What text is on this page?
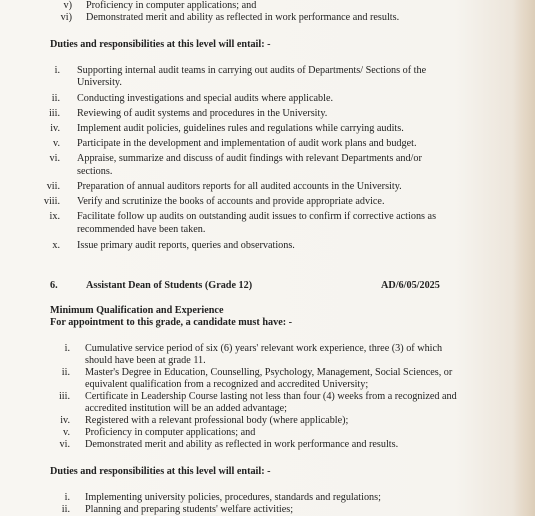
v) Proficiency in computer applications; and
vi) Demonstrated merit and ability as reflected in work performance and results.
Duties and responsibilities at this level will entail: -
i. Supporting internal audit teams in carrying out audits of Departments/ Sections of the
University.
ii. Conducting investigations and special audits where applicable.
iii. Reviewing of audit systems and procedures in the University.
iv. Implement audit policies, guidelines rules and regulations while carrying audits.
v. Participate in the development and implementation of audit work plans and budget.
vi. Appraise, summarize and discuss of audit findings with relevant Departments and/or
sections.
vii. Preparation of annual auditors reports for all audited accounts in the University.
viii. Verify and scrutinize the books of accounts and provide appropriate advice.
ix. Facilitate follow up audits on outstanding audit issues to confirm if corrective actions as
recommended have been taken.
x. Issue primary audit reports, queries and observations.
6.	Assistant Dean of Students (Grade 12)	AD/6/05/2025
Minimum Qualification and Experience
For appointment to this grade, a candidate must have: -
i. Cumulative service period of six (6) years' relevant work experience, three (3) of which
should have been at grade 11.
ii. Master's Degree in Education, Counselling, Psychology, Management, Social Sciences, or
equivalent qualification from a recognized and accredited University;
iii. Certificate in Leadership Course lasting not less than four (4) weeks from a recognized and
accredited institution will be an added advantage;
iv. Registered with a relevant professional body (where applicable);
v. Proficiency in computer applications; and
vi. Demonstrated merit and ability as reflected in work performance and results.
Duties and responsibilities at this level will entail: -
i. Implementing university policies, procedures, standards and regulations;
ii. Planning and preparing students' welfare activities;
